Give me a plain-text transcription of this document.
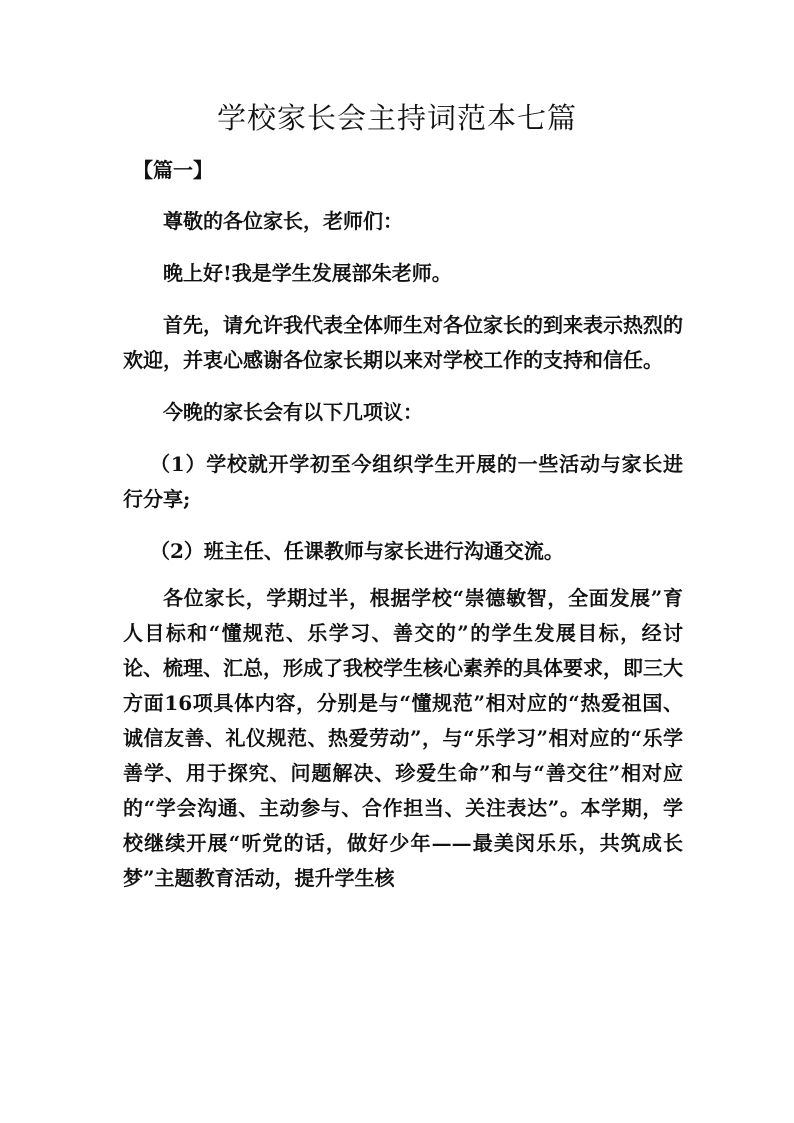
学校家长会主持词范本七篇
【篇一】

尊敬的各位家长，老师们：

晚上好!我是学生发展部朱老师。

首先，请允许我代表全体师生对各位家长的到来表示热烈的欢迎，并衷心感谢各位家长期以来对学校工作的支持和信任。

今晚的家长会有以下几项议：

（1）学校就开学初至今组织学生开展的一些活动与家长进行分享;

（2）班主任、任课教师与家长进行沟通交流。

各位家长，学期过半，根据学校“崇德敏智，全面发展”育人目标和“懂规范、乐学习、善交的”的学生发展目标，经讨论、梳理、汇总，形成了我校学生核心素养的具体要求，即三大方面16项具体内容，分别是与“懂规范”相对应的“热爱祖国、诚信友善、礼仪规范、热爱劳动”，与“乐学习”相对应的“乐学善学、用于探究、问题解决、珍爱生命”和与“善交往”相对应的“学会沟通、主动参与、合作担当、关注表达”。本学期，学校继续开展“听党的话，做好少年——最美闵乐乐，共筑成长梦”主题教育活动，提升学生核
